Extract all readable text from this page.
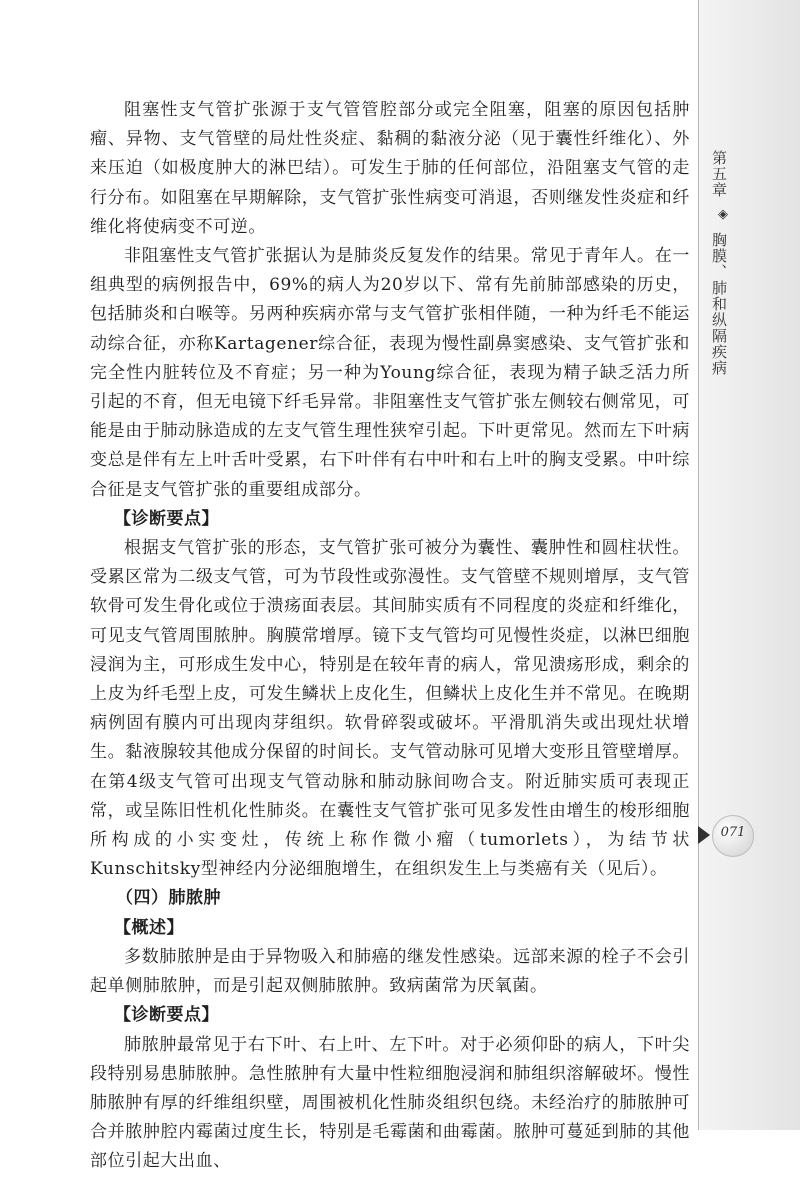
第五章
◈
胸膜、肺和纵隔疾病
071

阻塞性支气管扩张源于支气管管腔部分或完全阻塞，阻塞的原因包括肿瘤、异物、支气管壁的局灶性炎症、黏稠的黏液分泌（见于囊性纤维化）、外来压迫（如极度肿大的淋巴结）。可发生于肺的任何部位，沿阻塞支气管的走行分布。如阻塞在早期解除，支气管扩张性病变可消退，否则继发性炎症和纤维化将使病变不可逆。

非阻塞性支气管扩张据认为是肺炎反复发作的结果。常见于青年人。在一组典型的病例报告中，69%的病人为20岁以下、常有先前肺部感染的历史，包括肺炎和白喉等。另两种疾病亦常与支气管扩张相伴随，一种为纤毛不能运动综合征，亦称Kartagener综合征，表现为慢性副鼻窦感染、支气管扩张和完全性内脏转位及不育症；另一种为Young综合征，表现为精子缺乏活力所引起的不育，但无电镜下纤毛异常。非阻塞性支气管扩张左侧较右侧常见，可能是由于肺动脉造成的左支气管生理性狭窄引起。下叶更常见。然而左下叶病变总是伴有左上叶舌叶受累，右下叶伴有右中叶和右上叶的胸支受累。中叶综合征是支气管扩张的重要组成部分。

【诊断要点】

根据支气管扩张的形态，支气管扩张可被分为囊性、囊肿性和圆柱状性。受累区常为二级支气管，可为节段性或弥漫性。支气管壁不规则增厚，支气管软骨可发生骨化或位于溃疡面表层。其间肺实质有不同程度的炎症和纤维化，可见支气管周围脓肿。胸膜常增厚。镜下支气管均可见慢性炎症，以淋巴细胞浸润为主，可形成生发中心，特别是在较年青的病人，常见溃疡形成，剩余的上皮为纤毛型上皮，可发生鳞状上皮化生，但鳞状上皮化生并不常见。在晚期病例固有膜内可出现肉芽组织。软骨碎裂或破坏。平滑肌消失或出现灶状增生。黏液腺较其他成分保留的时间长。支气管动脉可见增大变形且管壁增厚。在第4级支气管可出现支气管动脉和肺动脉间吻合支。附近肺实质可表现正常，或呈陈旧性机化性肺炎。在囊性支气管扩张可见多发性由增生的梭形细胞所构成的小实变灶，传统上称作微小瘤（tumorlets），为结节状Kunschitsky型神经内分泌细胞增生，在组织发生上与类癌有关（见后）。

（四）肺脓肿

【概述】

多数肺脓肿是由于异物吸入和肺癌的继发性感染。远部来源的栓子不会引起单侧肺脓肿，而是引起双侧肺脓肿。致病菌常为厌氧菌。

【诊断要点】

肺脓肿最常见于右下叶、右上叶、左下叶。对于必须仰卧的病人，下叶尖段特别易患肺脓肿。急性脓肿有大量中性粒细胞浸润和肺组织溶解破坏。慢性肺脓肿有厚的纤维组织壁，周围被机化性肺炎组织包绕。未经治疗的肺脓肿可合并脓肿腔内霉菌过度生长，特别是毛霉菌和曲霉菌。脓肿可蔓延到肺的其他部位引起大出血、
